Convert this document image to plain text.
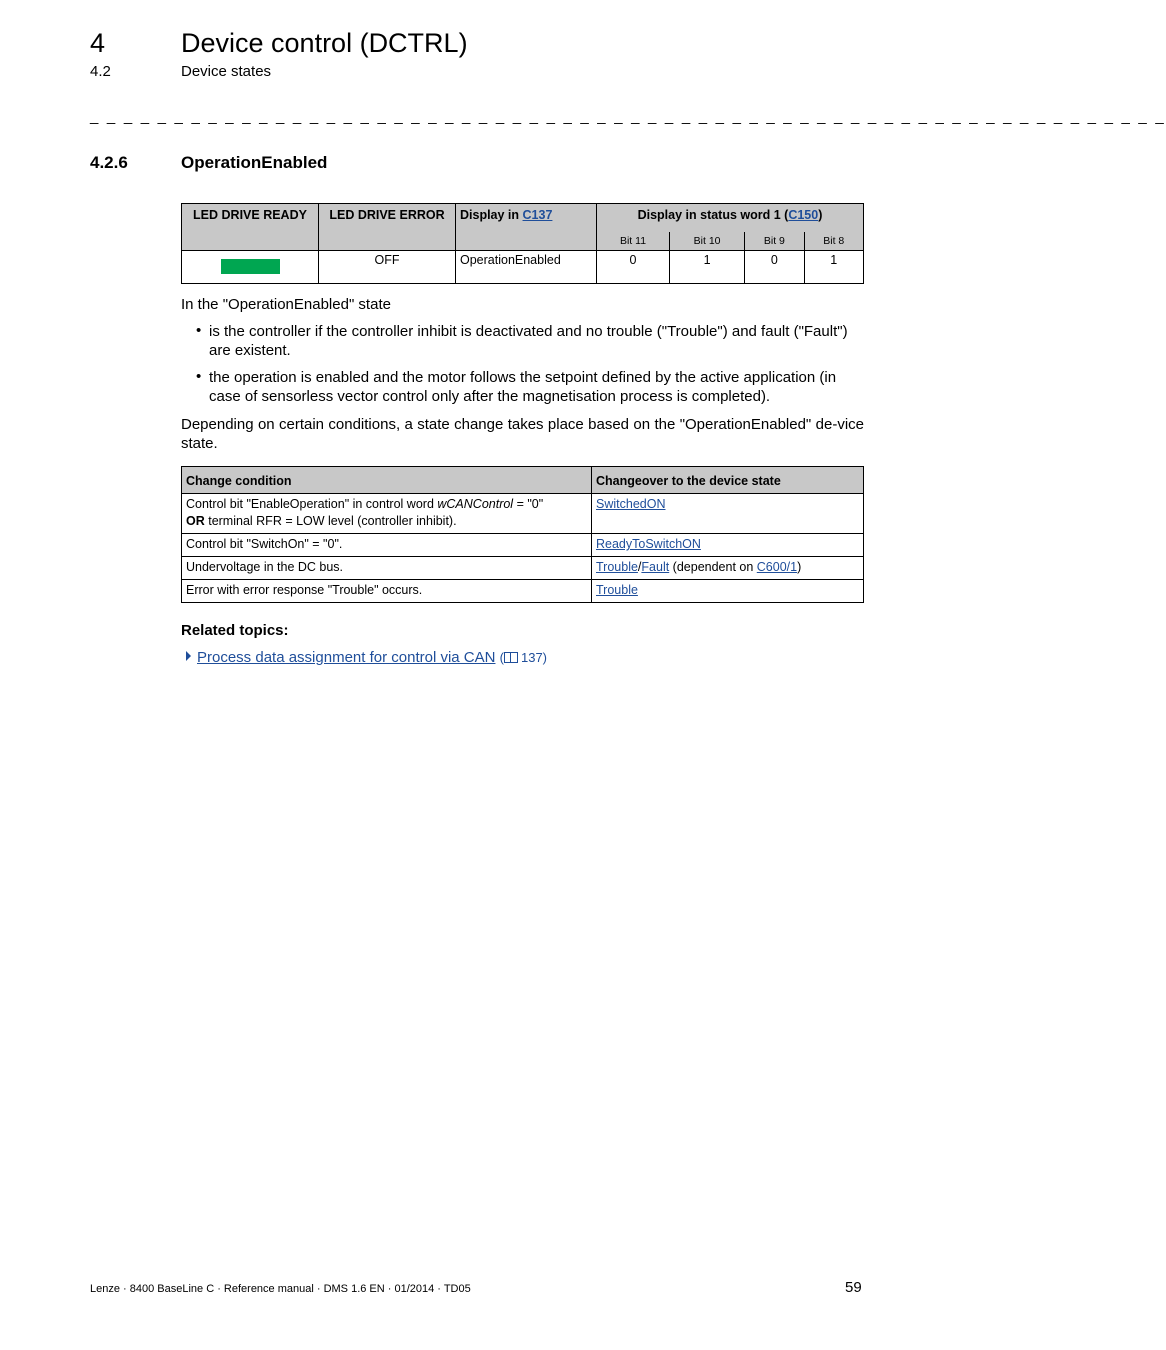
4	Device control (DCTRL)
4.2	Device states
_ _ _ _ _ _ _ _ _ _ _ _ _ _ _ _ _ _ _ _ _ _ _ _ _ _ _ _ _ _ _ _ _ _ _ _ _ _ _ _ _ _ _ _ _ _ _ _ _ _ _ _ _ _ _ _ _ _ _ _ _ _ _ _
4.2.6	OperationEnabled
LED DRIVE READY	LED DRIVE ERROR	Display in C137	Display in status word 1 (C150)			
			Bit 11	Bit 10	Bit 9	Bit 8
	OFF	OperationEnabled	0	1	0	1

In the "OperationEnabled" state

• is the controller if the controller inhibit is deactivated and no trouble ("Trouble") and fault ("Fault") are existent.

• the operation is enabled and the motor follows the setpoint defined by the active application (in case of sensorless vector control only after the magnetisation process is completed).

Depending on certain conditions, a state change takes place based on the "OperationEnabled" de-vice state.

Change condition	Changeover to the device state
Control bit "EnableOperation" in control word wCANControl = "0"
OR terminal RFR = LOW level (controller inhibit).	SwitchedON
Control bit "SwitchOn" = "0".	ReadyToSwitchON
Undervoltage in the DC bus.	Trouble/Fault (dependent on C600/1)
Error with error response "Trouble" occurs.	Trouble
Related topics:
Process data assignment for control via CAN ( 137)
Lenze · 8400 BaseLine C · Reference manual · DMS 1.6 EN · 01/2014 · TD05	59
